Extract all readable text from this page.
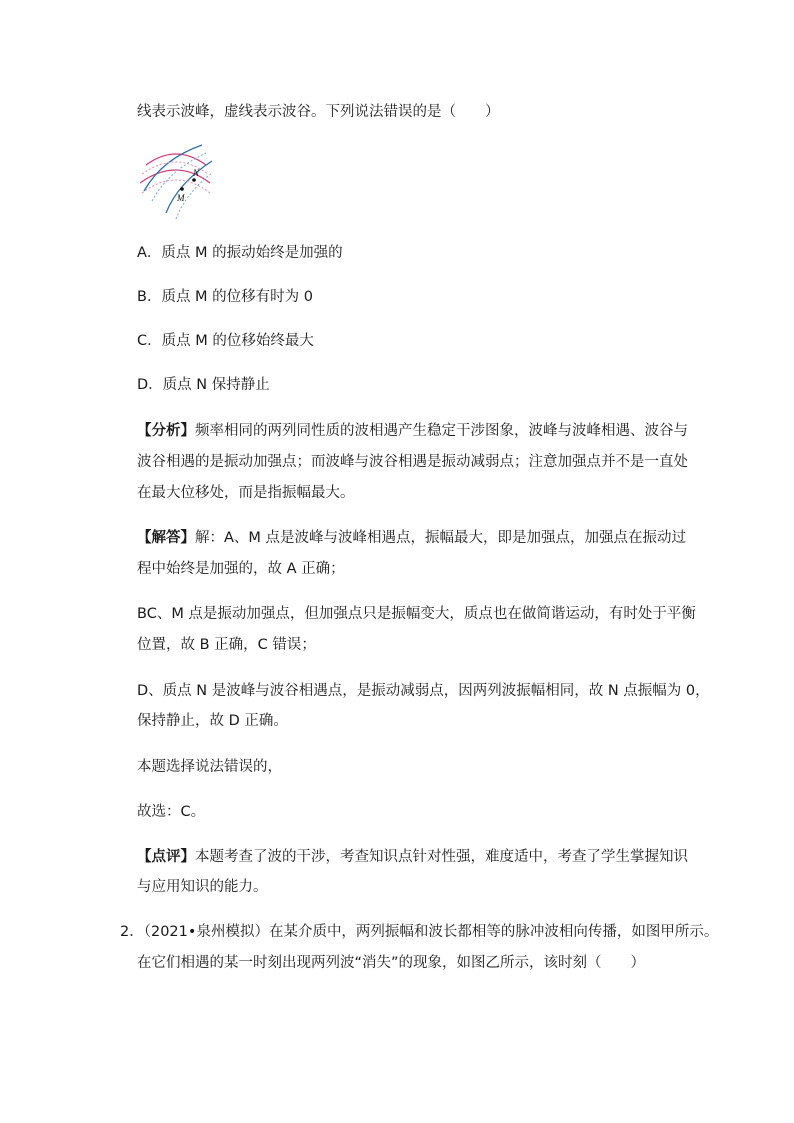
线表示波峰，虚线表示波谷。下列说法错误的是（　　）
N
M
A．质点 M 的振动始终是加强的
B．质点 M 的位移有时为 0
C．质点 M 的位移始终最大
D．质点 N 保持静止
【分析】频率相同的两列同性质的波相遇产生稳定干涉图象，波峰与波峰相遇、波谷与
波谷相遇的是振动加强点；而波峰与波谷相遇是振动减弱点；注意加强点并不是一直处
在最大位移处，而是指振幅最大。
【解答】解：A、M 点是波峰与波峰相遇点，振幅最大，即是加强点，加强点在振动过
程中始终是加强的，故 A 正确；
BC、M 点是振动加强点，但加强点只是振幅变大，质点也在做简谐运动，有时处于平衡
位置，故 B 正确，C 错误；
D、质点 N 是波峰与波谷相遇点，是振动减弱点，因两列波振幅相同，故 N 点振幅为 0，
保持静止，故 D 正确。
本题选择说法错误的，
故选：C。
【点评】本题考查了波的干涉，考查知识点针对性强，难度适中，考查了学生掌握知识
与应用知识的能力。
2．（2021•泉州模拟）在某介质中，两列振幅和波长都相等的脉冲波相向传播，如图甲所示。
在它们相遇的某一时刻出现两列波“消失”的现象，如图乙所示，该时刻（　　）
